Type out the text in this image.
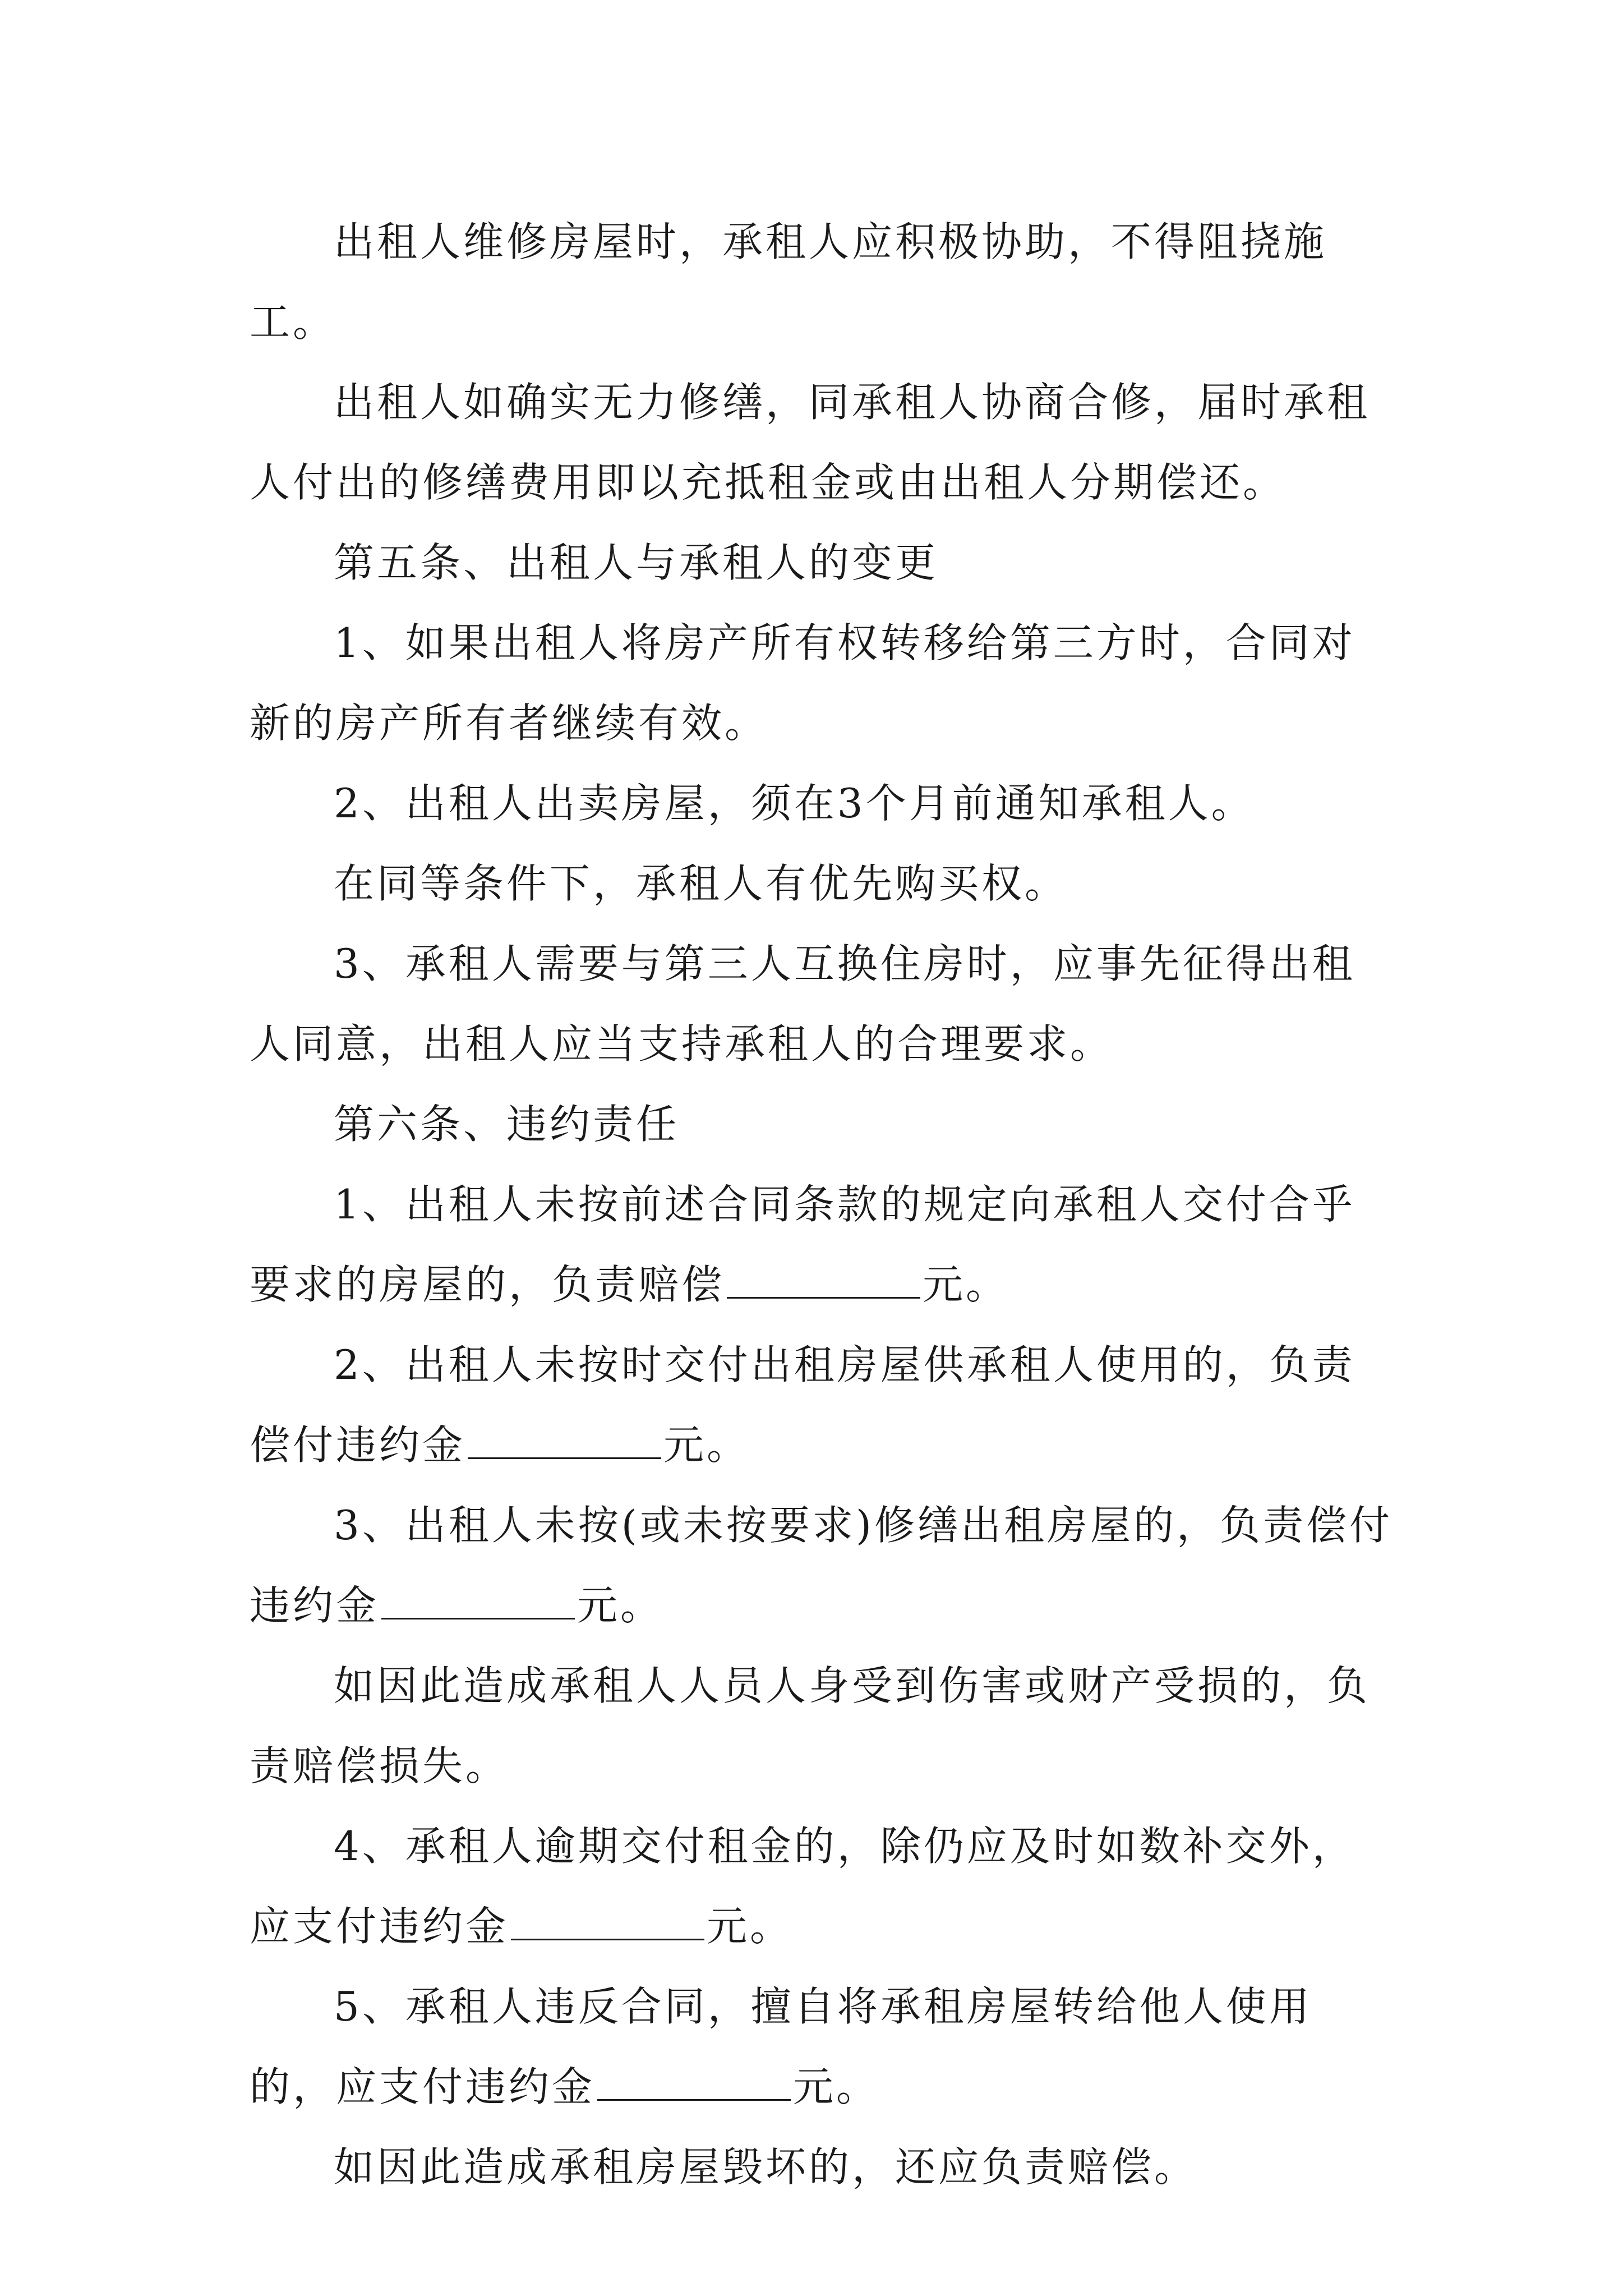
出租人维修房屋时，承租人应积极协助，不得阻挠施工。

出租人如确实无力修缮，同承租人协商合修，届时承租人付出的修缮费用即以充抵租金或由出租人分期偿还。

第五条、出租人与承租人的变更

1、如果出租人将房产所有权转移给第三方时，合同对新的房产所有者继续有效。

2、出租人出卖房屋，须在3个月前通知承租人。

在同等条件下，承租人有优先购买权。

3、承租人需要与第三人互换住房时，应事先征得出租人同意，出租人应当支持承租人的合理要求。

第六条、违约责任

1、出租人未按前述合同条款的规定向承租人交付合乎要求的房屋的，负责赔偿	元。

2、出租人未按时交付出租房屋供承租人使用的，负责偿付违约金	元。

3、出租人未按(或未按要求)修缮出租房屋的，负责偿付违约金	元。

如因此造成承租人人员人身受到伤害或财产受损的，负责赔偿损失。

4、承租人逾期交付租金的，除仍应及时如数补交外，应支付违约金	元。

5、承租人违反合同，擅自将承租房屋转给他人使用的，应支付违约金	元。

如因此造成承租房屋毁坏的，还应负责赔偿。
